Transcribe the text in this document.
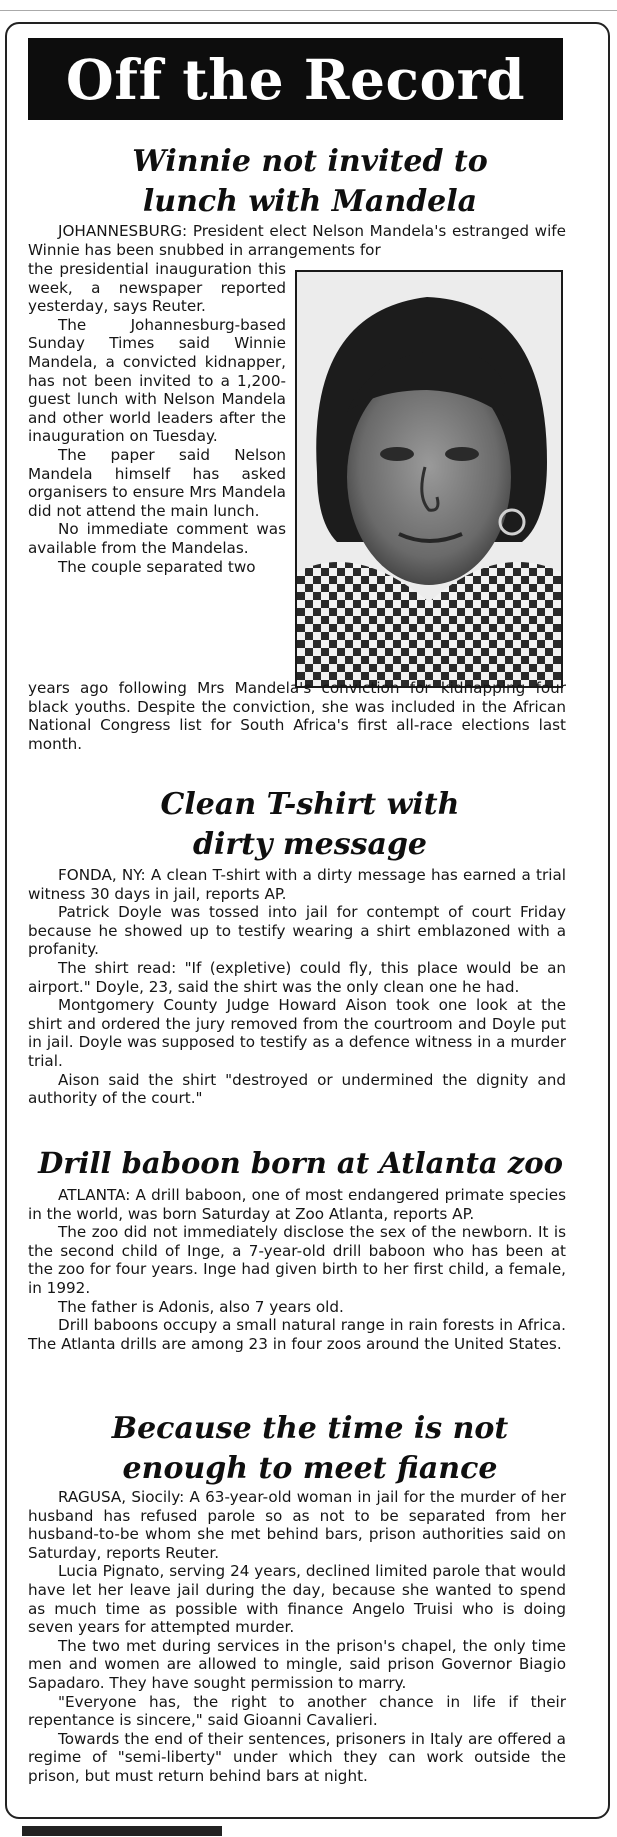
Off the Record
Winnie not invited to
lunch with Mandela

JOHANNESBURG: President elect Nelson Mandela's estranged wife Winnie has been snubbed in arrangements for

the presidential inauguration this week, a newspaper reported yesterday, says Reuter.

The Johannesburg-based Sunday Times said Winnie Mandela, a convicted kidnapper, has not been invited to a 1,200-guest lunch with Nelson Mandela and other world leaders after the inauguration on Tuesday.

The paper said Nelson Mandela himself has asked organisers to ensure Mrs Mandela did not attend the main lunch.

No immediate comment was available from the Mandelas.

The couple separated two

years ago following Mrs Mandela's conviction for kidnapping four black youths. Despite the conviction, she was included in the African National Congress list for South Africa's first all-race elections last month.

Clean T-shirt with
dirty message

FONDA, NY: A clean T-shirt with a dirty message has earned a trial witness 30 days in jail, reports AP.

Patrick Doyle was tossed into jail for contempt of court Friday because he showed up to testify wearing a shirt emblazoned with a profanity.

The shirt read: "If (expletive) could fly, this place would be an airport." Doyle, 23, said the shirt was the only clean one he had.

Montgomery County Judge Howard Aison took one look at the shirt and ordered the jury removed from the courtroom and Doyle put in jail. Doyle was supposed to testify as a defence witness in a murder trial.

Aison said the shirt "destroyed or undermined the dignity and authority of the court."

Drill baboon born at Atlanta zoo

ATLANTA: A drill baboon, one of most endangered primate species in the world, was born Saturday at Zoo Atlanta, reports AP.

The zoo did not immediately disclose the sex of the newborn. It is the second child of Inge, a 7-year-old drill baboon who has been at the zoo for four years. Inge had given birth to her first child, a female, in 1992.

The father is Adonis, also 7 years old.

Drill baboons occupy a small natural range in rain forests in Africa. The Atlanta drills are among 23 in four zoos around the United States.

Because the time is not
enough to meet fiance

RAGUSA, Siocily: A 63-year-old woman in jail for the murder of her husband has refused parole so as not to be separated from her husband-to-be whom she met behind bars, prison authorities said on Saturday, reports Reuter.

Lucia Pignato, serving 24 years, declined limited parole that would have let her leave jail during the day, because she wanted to spend as much time as possible with finance Angelo Truisi who is doing seven years for attempted murder.

The two met during services in the prison's chapel, the only time men and women are allowed to mingle, said prison Governor Biagio Sapadaro. They have sought permission to marry.

"Everyone has, the right to another chance in life if their repentance is sincere," said Gioanni Cavalieri.

Towards the end of their sentences, prisoners in Italy are offered a regime of "semi-liberty" under which they can work outside the prison, but must return behind bars at night.
